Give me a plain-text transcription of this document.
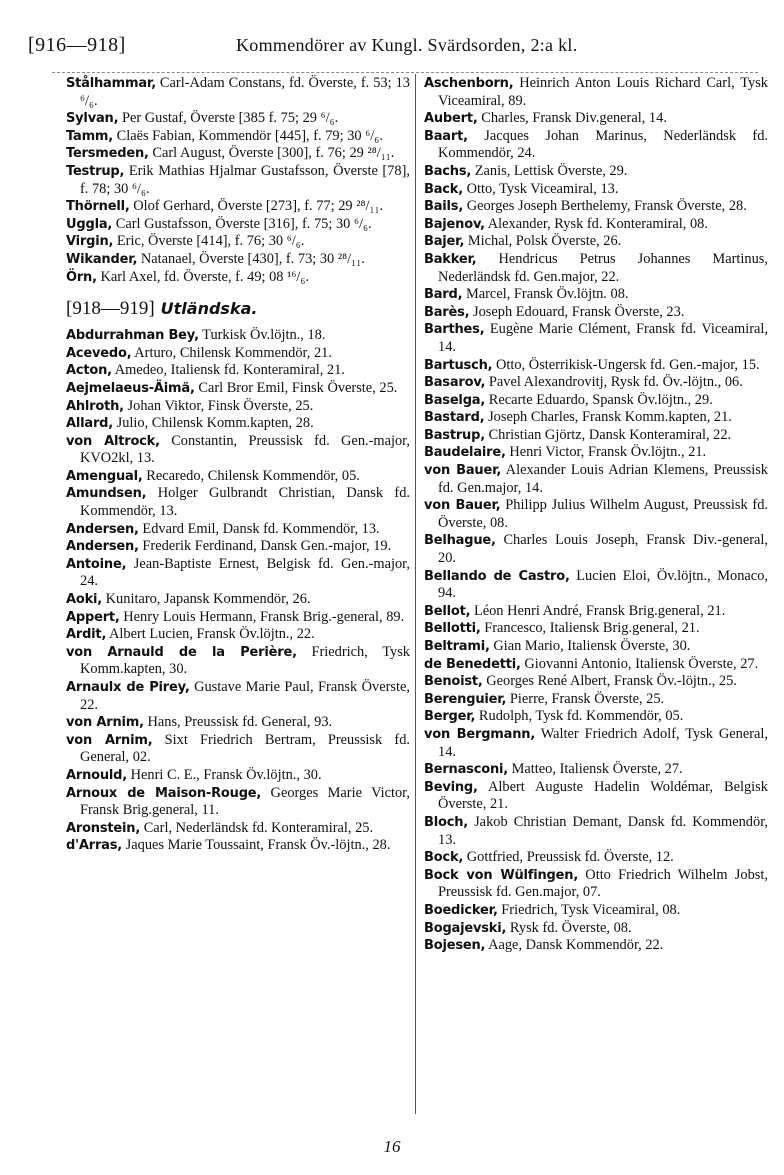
[916—918]	Kommendörer av Kungl. Svärdsorden, 2:a kl.

Stålhammar, Carl-Adam Constans, fd. Överste, f. 53; 13 ⁶/₆.

Sylvan, Per Gustaf, Överste [385 f. 75; 29 ⁶/₆.

Tamm, Claës Fabian, Kommendör [445], f. 79; 30 ⁶/₆.

Tersmeden, Carl August, Överste [300], f. 76; 29 ²⁸/₁₁.

Testrup, Erik Mathias Hjalmar Gustafsson, Överste [78], f. 78; 30 ⁶/₆.

Thörnell, Olof Gerhard, Överste [273], f. 77; 29 ²⁸/₁₁.

Uggla, Carl Gustafsson, Överste [316], f. 75; 30 ⁶/₆.

Virgin, Eric, Överste [414], f. 76; 30 ⁶/₆.

Wikander, Natanael, Överste [430], f. 73; 30 ²⁸/₁₁.

Örn, Karl Axel, fd. Överste, f. 49; 08 ¹⁶/₆.

[918—919] Utländska.

Abdurrahman Bey, Turkisk Öv.löjtn., 18.

Acevedo, Arturo, Chilensk Kommendör, 21.

Acton, Amedeo, Italiensk fd. Konteramiral, 21.

Aejmelaeus-Äimä, Carl Bror Emil, Finsk Överste, 25.

Ahlroth, Johan Viktor, Finsk Överste, 25.

Allard, Julio, Chilensk Komm.kapten, 28.

von Altrock, Constantin, Preussisk fd. Gen.-major, KVO2kl, 13.

Amengual, Recaredo, Chilensk Kommendör, 05.

Amundsen, Holger Gulbrandt Christian, Dansk fd. Kommendör, 13.

Andersen, Edvard Emil, Dansk fd. Kommendör, 13.

Andersen, Frederik Ferdinand, Dansk Gen.-major, 19.

Antoine, Jean-Baptiste Ernest, Belgisk fd. Gen.-major, 24.

Aoki, Kunitaro, Japansk Kommendör, 26.

Appert, Henry Louis Hermann, Fransk Brig.-general, 89.

Ardit, Albert Lucien, Fransk Öv.löjtn., 22.

von Arnauld de la Perière, Friedrich, Tysk Komm.kapten, 30.

Arnaulx de Pirey, Gustave Marie Paul, Fransk Överste, 22.

von Arnim, Hans, Preussisk fd. General, 93.

von Arnim, Sixt Friedrich Bertram, Preussisk fd. General, 02.

Arnould, Henri C. E., Fransk Öv.löjtn., 30.

Arnoux de Maison-Rouge, Georges Marie Victor, Fransk Brig.general, 11.

Aronstein, Carl, Nederländsk fd. Konteramiral, 25.

d'Arras, Jaques Marie Toussaint, Fransk Öv.-löjtn., 28.

Aschenborn, Heinrich Anton Louis Richard Carl, Tysk Viceamiral, 89.

Aubert, Charles, Fransk Div.general, 14.

Baart, Jacques Johan Marinus, Nederländsk fd. Kommendör, 24.

Bachs, Zanis, Lettisk Överste, 29.

Back, Otto, Tysk Viceamiral, 13.

Bails, Georges Joseph Berthelemy, Fransk Överste, 28.

Bajenov, Alexander, Rysk fd. Konteramiral, 08.

Bajer, Michal, Polsk Överste, 26.

Bakker, Hendricus Petrus Johannes Martinus, Nederländsk fd. Gen.major, 22.

Bard, Marcel, Fransk Öv.löjtn. 08.

Barès, Joseph Edouard, Fransk Överste, 23.

Barthes, Eugène Marie Clément, Fransk fd. Viceamiral, 14.

Bartusch, Otto, Österrikisk-Ungersk fd. Gen.-major, 15.

Basarov, Pavel Alexandrovitj, Rysk fd. Öv.-löjtn., 06.

Baselga, Recarte Eduardo, Spansk Öv.löjtn., 29.

Bastard, Joseph Charles, Fransk Komm.kapten, 21.

Bastrup, Christian Gjörtz, Dansk Konteramiral, 22.

Baudelaire, Henri Victor, Fransk Öv.löjtn., 21.

von Bauer, Alexander Louis Adrian Klemens, Preussisk fd. Gen.major, 14.

von Bauer, Philipp Julius Wilhelm August, Preussisk fd. Överste, 08.

Belhague, Charles Louis Joseph, Fransk Div.-general, 20.

Bellando de Castro, Lucien Eloi, Öv.löjtn., Monaco, 94.

Bellot, Léon Henri André, Fransk Brig.general, 21.

Bellotti, Francesco, Italiensk Brig.general, 21.

Beltrami, Gian Mario, Italiensk Överste, 30.

de Benedetti, Giovanni Antonio, Italiensk Överste, 27.

Benoist, Georges René Albert, Fransk Öv.-löjtn., 25.

Berenguier, Pierre, Fransk Överste, 25.

Berger, Rudolph, Tysk fd. Kommendör, 05.

von Bergmann, Walter Friedrich Adolf, Tysk General, 14.

Bernasconi, Matteo, Italiensk Överste, 27.

Beving, Albert Auguste Hadelin Woldémar, Belgisk Överste, 21.

Bloch, Jakob Christian Demant, Dansk fd. Kommendör, 13.

Bock, Gottfried, Preussisk fd. Överste, 12.

Bock von Wülfingen, Otto Friedrich Wilhelm Jobst, Preussisk fd. Gen.major, 07.

Boedicker, Friedrich, Tysk Viceamiral, 08.

Bogajevski, Rysk fd. Överste, 08.

Bojesen, Aage, Dansk Kommendör, 22.

16
